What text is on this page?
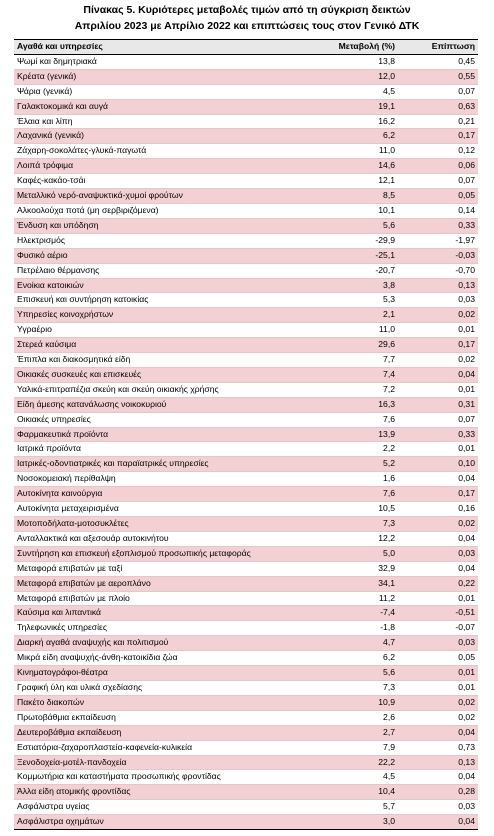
Πίνακας 5. Κυριότερες μεταβολές τιμών από τη σύγκριση δεικτών
Απριλίου 2023 με Απρίλιο 2022 και επιπτώσεις τους στον Γενικό ΔΤΚ
Αγαθά και υπηρεσίες	Μεταβολή (%)	Επίπτωση
Ψωμί και δημητριακά	13,8	0,45
Κρέατα (γενικά)	12,0	0,55
Ψάρια (γενικά)	4,5	0,07
Γαλακτοκομικά και αυγά	19,1	0,63
Έλαια και λίπη	16,2	0,21
Λαχανικά (γενικά)	6,2	0,17
Ζάχαρη-σοκολάτες-γλυκά-παγωτά	11,0	0,12
Λοιπά τρόφιμα	14,6	0,06
Καφές-κακάο-τσάι	12,1	0,07
Μεταλλικό νερό-αναψυκτικά-χυμοί φρούτων	8,5	0,05
Αλκοολούχα ποτά (μη σερβιριζόμενα)	10,1	0,14
Ένδυση και υπόδηση	5,6	0,33
Ηλεκτρισμός	-29,9	-1,97
Φυσικό αέριο	-25,1	-0,03
Πετρέλαιο θέρμανσης	-20,7	-0,70
Ενοίκια κατοικιών	3,8	0,13
Επισκευή και συντήρηση κατοικίας	5,3	0,03
Υπηρεσίες κοινοχρήστων	2,1	0,02
Υγραέριο	11,0	0,01
Στερεά καύσιμα	29,6	0,17
Έπιπλα και διακοσμητικά είδη	7,7	0,02
Οικιακές συσκευές και επισκευές	7,4	0,04
Υαλικά-επιτραπέζια σκεύη και σκεύη οικιακής χρήσης	7,2	0,01
Είδη άμεσης κατανάλωσης νοικοκυριού	16,3	0,31
Οικιακές υπηρεσίες	7,6	0,07
Φαρμακευτικά προϊόντα	13,9	0,33
Ιατρικά προϊόντα	2,2	0,01
Ιατρικές-οδοντιατρικές και παραϊατρικές υπηρεσίες	5,2	0,10
Νοσοκομειακή περίθαλψη	1,6	0,04
Αυτοκίνητα καινούργια	7,6	0,17
Αυτοκίνητα μεταχειρισμένα	10,5	0,16
Μοτοποδήλατα-μοτοσυκλέτες	7,3	0,02
Ανταλλακτικά και αξεσουάρ αυτοκινήτου	12,2	0,04
Συντήρηση και επισκευή εξοπλισμού προσωπικής μεταφοράς	5,0	0,03
Μεταφορά επιβατών με ταξί	32,9	0,04
Μεταφορά επιβατών με αεροπλάνο	34,1	0,22
Μεταφορά επιβατών με πλοίο	11,2	0,01
Καύσιμα και λιπαντικά	-7,4	-0,51
Τηλεφωνικές υπηρεσίες	-1,8	-0,07
Διαρκή αγαθά αναψυχής και πολιτισμού	4,7	0,03
Μικρά είδη αναψυχής-άνθη-κατοικίδια ζώα	6,2	0,05
Κινηματογράφοι-θέατρα	5,6	0,01
Γραφική ύλη και υλικά σχεδίασης	7,3	0,01
Πακέτο διακοπών	10,9	0,02
Πρωτοβάθμια εκπαίδευση	2,6	0,02
Δευτεροβάθμια εκπαίδευση	2,7	0,04
Εστιατόρια-ζαχαροπλαστεία-καφενεία-κυλικεία	7,9	0,73
Ξενοδοχεία-μοτέλ-πανδοχεία	22,2	0,13
Κομμωτήρια και καταστήματα προσωπικής φροντίδας	4,5	0,04
Άλλα είδη ατομικής φροντίδας	10,4	0,28
Ασφάλιστρα υγείας	5,7	0,03
Ασφάλιστρα οχημάτων	3,0	0,04
